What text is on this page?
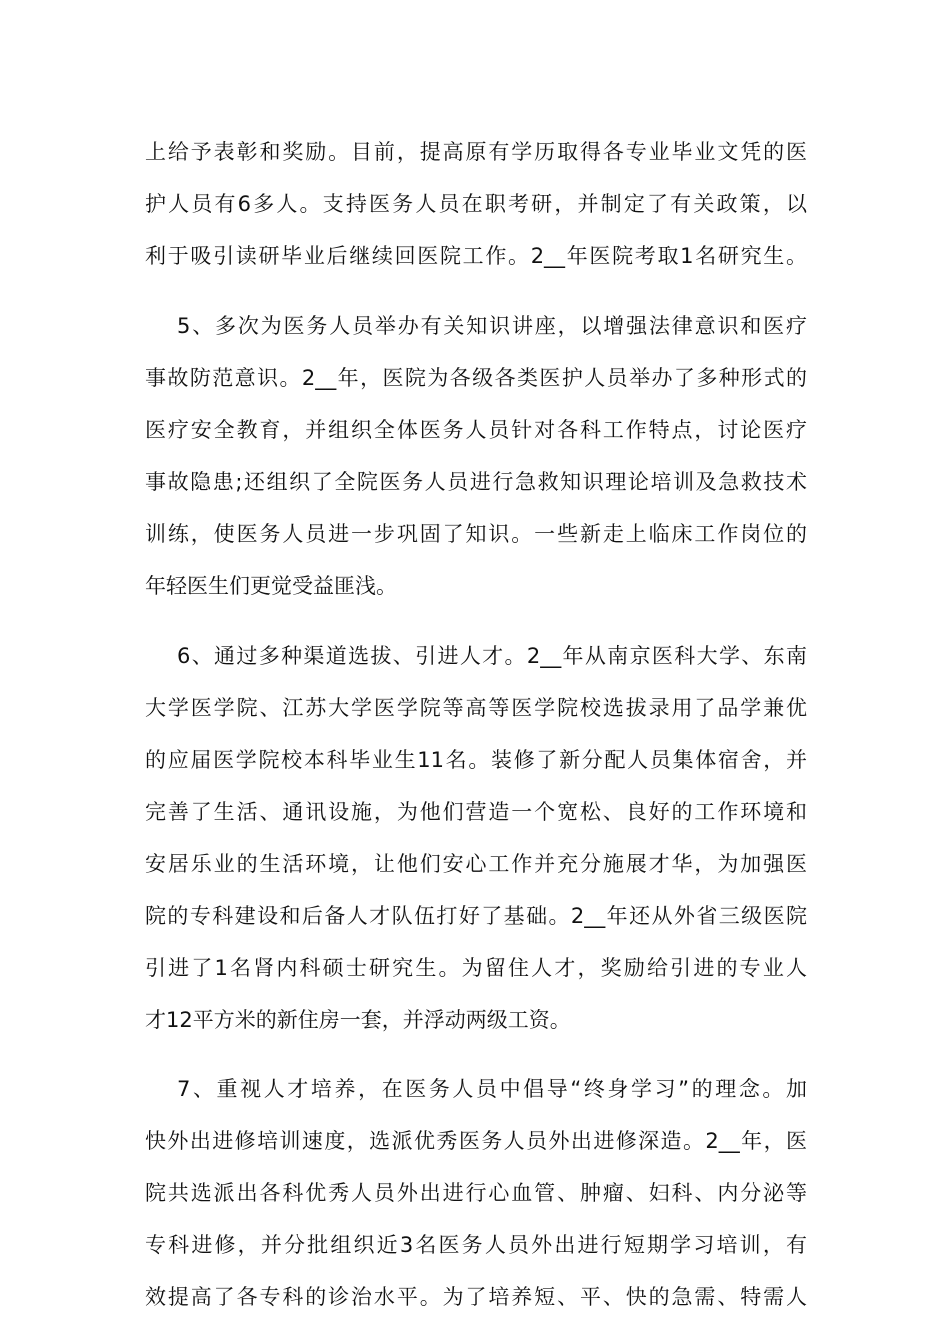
上给予表彰和奖励。目前，提高原有学历取得各专业毕业文凭的医
护人员有6多人。支持医务人员在职考研，并制定了有关政策，以
利于吸引读研毕业后继续回医院工作。2__年医院考取1名研究生。
5、多次为医务人员举办有关知识讲座，以增强法律意识和医疗
事故防范意识。2__年，医院为各级各类医护人员举办了多种形式的
医疗安全教育，并组织全体医务人员针对各科工作特点，讨论医疗
事故隐患;还组织了全院医务人员进行急救知识理论培训及急救技术
训练，使医务人员进一步巩固了知识。一些新走上临床工作岗位的
年轻医生们更觉受益匪浅。
6、通过多种渠道选拔、引进人才。2__年从南京医科大学、东南
大学医学院、江苏大学医学院等高等医学院校选拔录用了品学兼优
的应届医学院校本科毕业生11名。装修了新分配人员集体宿舍，并
完善了生活、通讯设施，为他们营造一个宽松、良好的工作环境和
安居乐业的生活环境，让他们安心工作并充分施展才华，为加强医
院的专科建设和后备人才队伍打好了基础。2__年还从外省三级医院
引进了1名肾内科硕士研究生。为留住人才，奖励给引进的专业人
才12平方米的新住房一套，并浮动两级工资。
7、重视人才培养，在医务人员中倡导“终身学习”的理念。加
快外出进修培训速度，选派优秀医务人员外出进修深造。2__年，医
院共选派出各科优秀人员外出进行心血管、肿瘤、妇科、内分泌等
专科进修，并分批组织近3名医务人员外出进行短期学习培训，有
效提高了各专科的诊治水平。为了培养短、平、快的急需、特需人
